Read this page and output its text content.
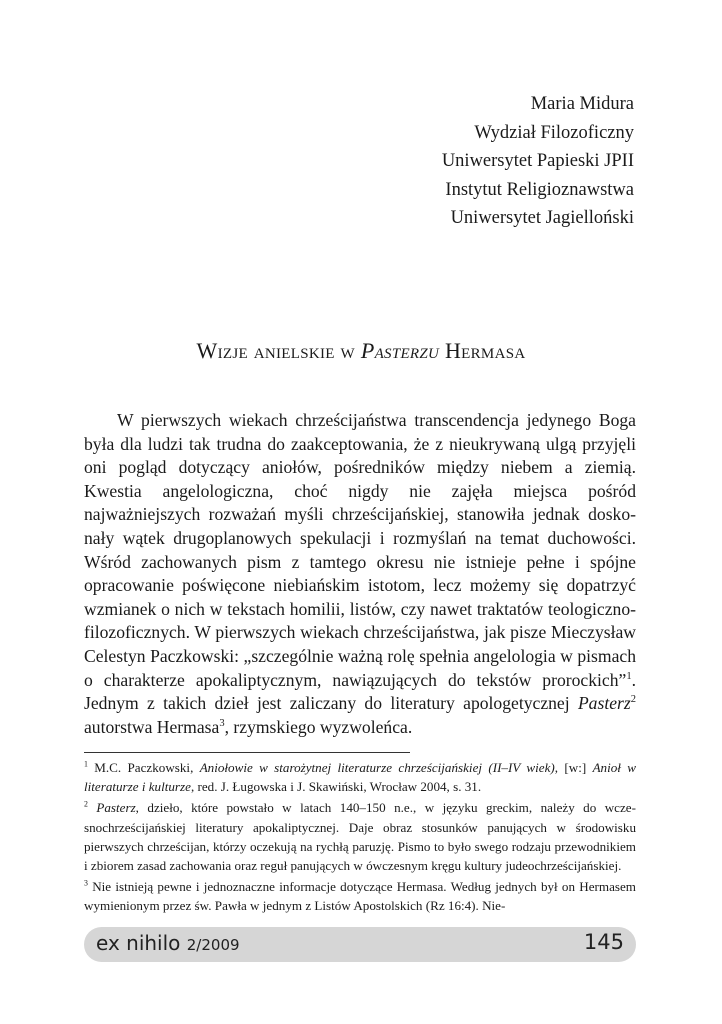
Maria Midura
Wydział Filozoficzny
Uniwersytet Papieski JPII
Instytut Religioznawstwa
Uniwersytet Jagielloński
Wizje anielskie w Pasterzu Hermasa

W pierwszych wiekach chrześcijaństwa transcendencja jedynego Boga była dla ludzi tak trudna do zaakceptowania, że z nieukrywaną ulgą przyjęli oni pogląd dotyczący aniołów, pośredników między niebem a ziemią. Kwestia angelologiczna, choć nigdy nie zajęła miejsca pośród najważniejszych rozważań myśli chrześcijańskiej, stanowiła jednak doskonały wątek drugoplanowych spekulacji i rozmyślań na temat duchowości. Wśród zachowanych pism z tamtego okresu nie istnieje pełne i spójne opracowanie poświęcone niebiańskim istotom, lecz możemy się dopatrzyć wzmianek o nich w tekstach homilii, listów, czy nawet traktatów teologiczno-filozoficznych. W pierwszych wiekach chrześcijaństwa, jak pisze Mieczysław Celestyn Paczkowski: „szczególnie ważną rolę spełnia angelologia w pismach o charakterze apokaliptycznym, nawiązujących do tekstów prorockich”$^1$. Jednym z takich dzieł jest zaliczany do literatury apologetycznej Pasterz$^2$ autorstwa Hermasa$^3$, rzymskiego wyzwoleńca.

$^1$ M.C. Paczkowski, Aniołowie w starożytnej literaturze chrześcijańskiej (II–IV wiek), [w:] Anioł w literaturze i kulturze, red. J. Ługowska i J. Skawiński, Wrocław 2004, s. 31.

$^2$ Pasterz, dzieło, które powstało w latach 140–150 n.e., w języku greckim, należy do wczesnochrześcijańskiej literatury apokaliptycznej. Daje obraz stosunków panujących w środowisku pierwszych chrześcijan, którzy oczekują na rychłą paruzję. Pismo to było swego rodzaju przewodnikiem i zbiorem zasad zachowania oraz reguł panujących w ówczesnym kręgu kultury judeochrześcijańskiej.

$^3$ Nie istnieją pewne i jednoznaczne informacje dotyczące Hermasa. Według jednych był on Hermasem wymienionym przez św. Pawła w jednym z Listów Apostolskich (Rz 16:4). Nie-

ex nihilo 2/2009	145
